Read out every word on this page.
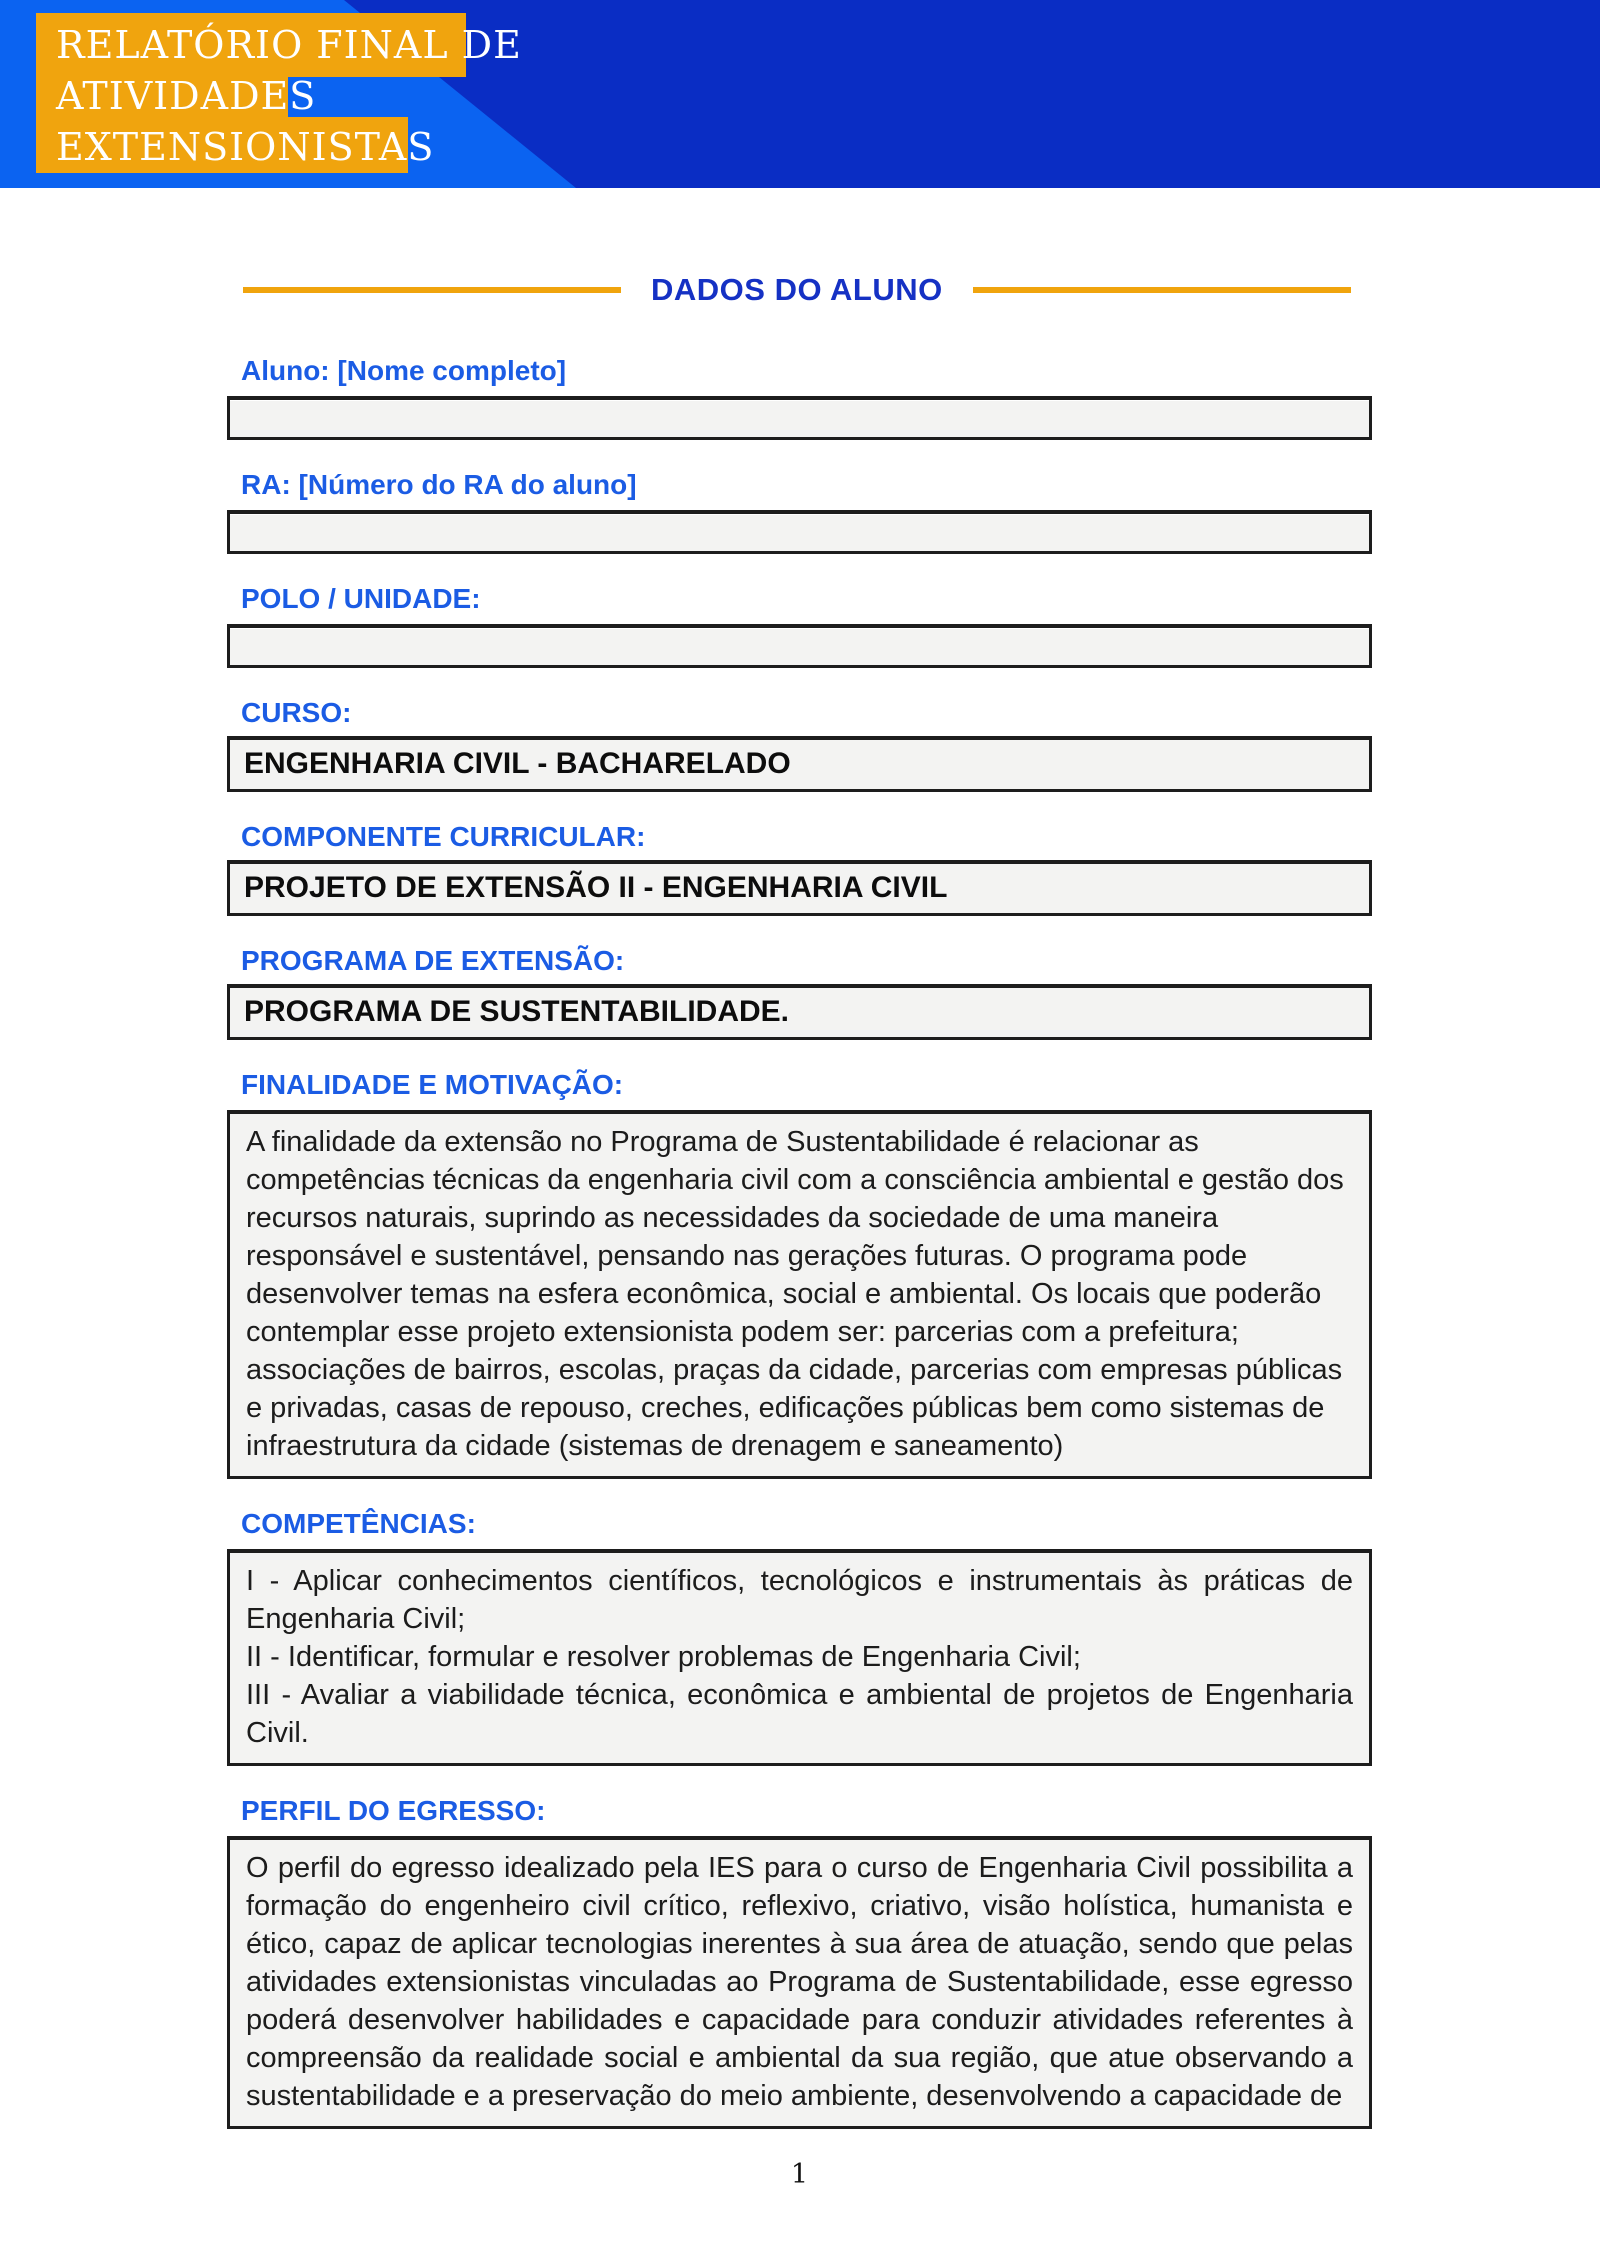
RELATÓRIO FINAL DE
ATIVIDADES
EXTENSIONISTAS
DADOS DO ALUNO
Aluno: [Nome completo]
RA: [Número do RA do aluno]
POLO / UNIDADE:
CURSO:
ENGENHARIA CIVIL - BACHARELADO
COMPONENTE CURRICULAR:
PROJETO DE EXTENSÃO II - ENGENHARIA CIVIL
PROGRAMA DE EXTENSÃO:
PROGRAMA DE SUSTENTABILIDADE.
FINALIDADE E MOTIVAÇÃO:
A finalidade da extensão no Programa de Sustentabilidade é relacionar as competências técnicas da engenharia civil com a consciência ambiental e gestão dos recursos naturais, suprindo as necessidades da sociedade de uma maneira responsável e sustentável, pensando nas gerações futuras. O programa pode desenvolver temas na esfera econômica, social e ambiental. Os locais que poderão contemplar esse projeto extensionista podem ser: parcerias com a prefeitura; associações de bairros, escolas, praças da cidade, parcerias com empresas públicas e privadas, casas de repouso, creches, edificações públicas bem como sistemas de infraestrutura da cidade (sistemas de drenagem e saneamento)
COMPETÊNCIAS:
I - Aplicar conhecimentos científicos, tecnológicos e instrumentais às práticas de Engenharia Civil;
II - Identificar, formular e resolver problemas de Engenharia Civil;
III - Avaliar a viabilidade técnica, econômica e ambiental de projetos de Engenharia Civil.
PERFIL DO EGRESSO:
O perfil do egresso idealizado pela IES para o curso de Engenharia Civil possibilita a formação do engenheiro civil crítico, reflexivo, criativo, visão holística, humanista e ético, capaz de aplicar tecnologias inerentes à sua área de atuação, sendo que pelas atividades extensionistas vinculadas ao Programa de Sustentabilidade, esse egresso poderá desenvolver habilidades e capacidade para conduzir atividades referentes à compreensão da realidade social e ambiental da sua região, que atue observando a sustentabilidade e a preservação do meio ambiente, desenvolvendo a capacidade de
1
